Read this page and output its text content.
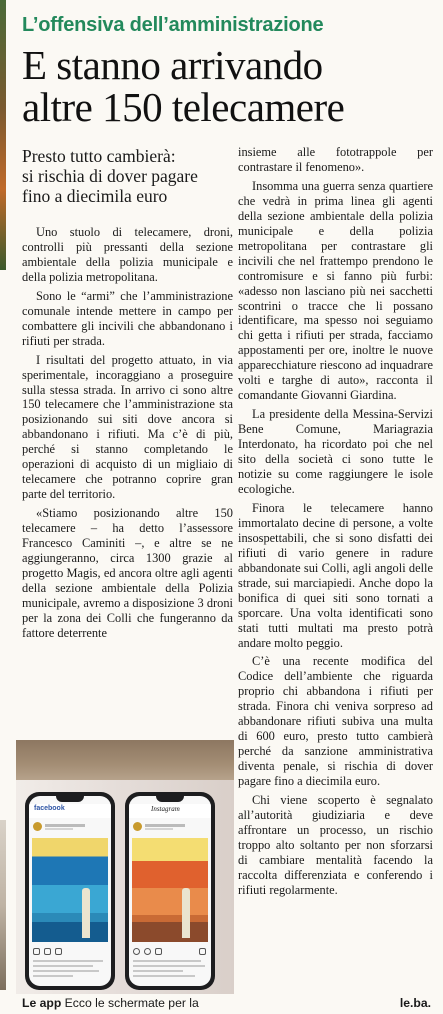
L’offensiva dell’amministrazione
E stanno arrivando
altre 150 telecamere
Presto tutto cambierà:
si rischia di dover pagare
fino a diecimila euro

Uno stuolo di telecamere, droni, controlli più pressanti della sezione ambientale della polizia municipale e della polizia metropolitana.

Sono le “armi” che l’amministrazione comunale intende mettere in campo per combattere gli incivili che abbandonano i rifiuti per strada.

I risultati del progetto attuato, in via sperimentale, incoraggiano a proseguire sulla stessa strada. In arrivo ci sono altre 150 telecamere che l’amministrazione sta posizionando sui siti dove ancora si abbandonano i rifiuti. Ma c’è di più, perché si stanno completando le operazioni di acquisto di un migliaio di telecamere che potranno coprire gran parte del territorio.

«Stiamo posizionando altre 150 telecamere – ha detto l’assessore Francesco Caminiti –, e altre se ne aggiungeranno, circa 1300 grazie al progetto Magis, ed ancora oltre agli agenti della sezione ambientale della Polizia municipale, avremo a disposizione 3 droni per la zona dei Colli che fungeranno da fattore deterrente

insieme alle fototrappole per contrastare il fenomeno».

Insomma una guerra senza quartiere che vedrà in prima linea gli agenti della sezione ambientale della polizia municipale e della polizia metropolitana per contrastare gli incivili che nel frattempo prendono le contromisure e si fanno più furbi: «adesso non lasciano più nei sacchetti scontrini o tracce che li possano identificare, ma spesso noi seguiamo chi getta i rifiuti per strada, facciamo appostamenti per ore, inoltre le nuove apparecchiature riescono ad inquadrare volti e targhe di auto», racconta il comandante Giovanni Giardina.

La presidente della Messina-Servizi Bene Comune, Mariagrazia Interdonato, ha ricordato poi che nel sito della società ci sono tutte le notizie su come raggiungere le isole ecologiche.

Finora le telecamere hanno immortalato decine di persone, a volte insospettabili, che si sono disfatti dei rifiuti di vario genere in radure abbandonate sui Colli, agli angoli delle strade, sui marciapiedi. Anche dopo la bonifica di quei siti sono tornati a sporcare. Una volta identificati sono stati tutti multati ma presto potrà andare molto peggio.

C’è una recente modifica del Codice dell’ambiente che riguarda proprio chi abbandona i rifiuti per strada. Finora chi veniva sorpreso ad abbandonare rifiuti subiva una multa di 600 euro, presto tutto cambierà perché da sanzione amministrativa diventa penale, si rischia di dover pagare fino a diecimila euro.

Chi viene scoperto è segnalato all’autorità giudiziaria e deve affrontare un processo, un rischio troppo alto soltanto per non sforzarsi di cambiare mentalità facendo la raccolta differenziata e conferendo i rifiuti regolarmente.

facebook	Instagram
Le app Ecco le schermate per la	le.ba.
